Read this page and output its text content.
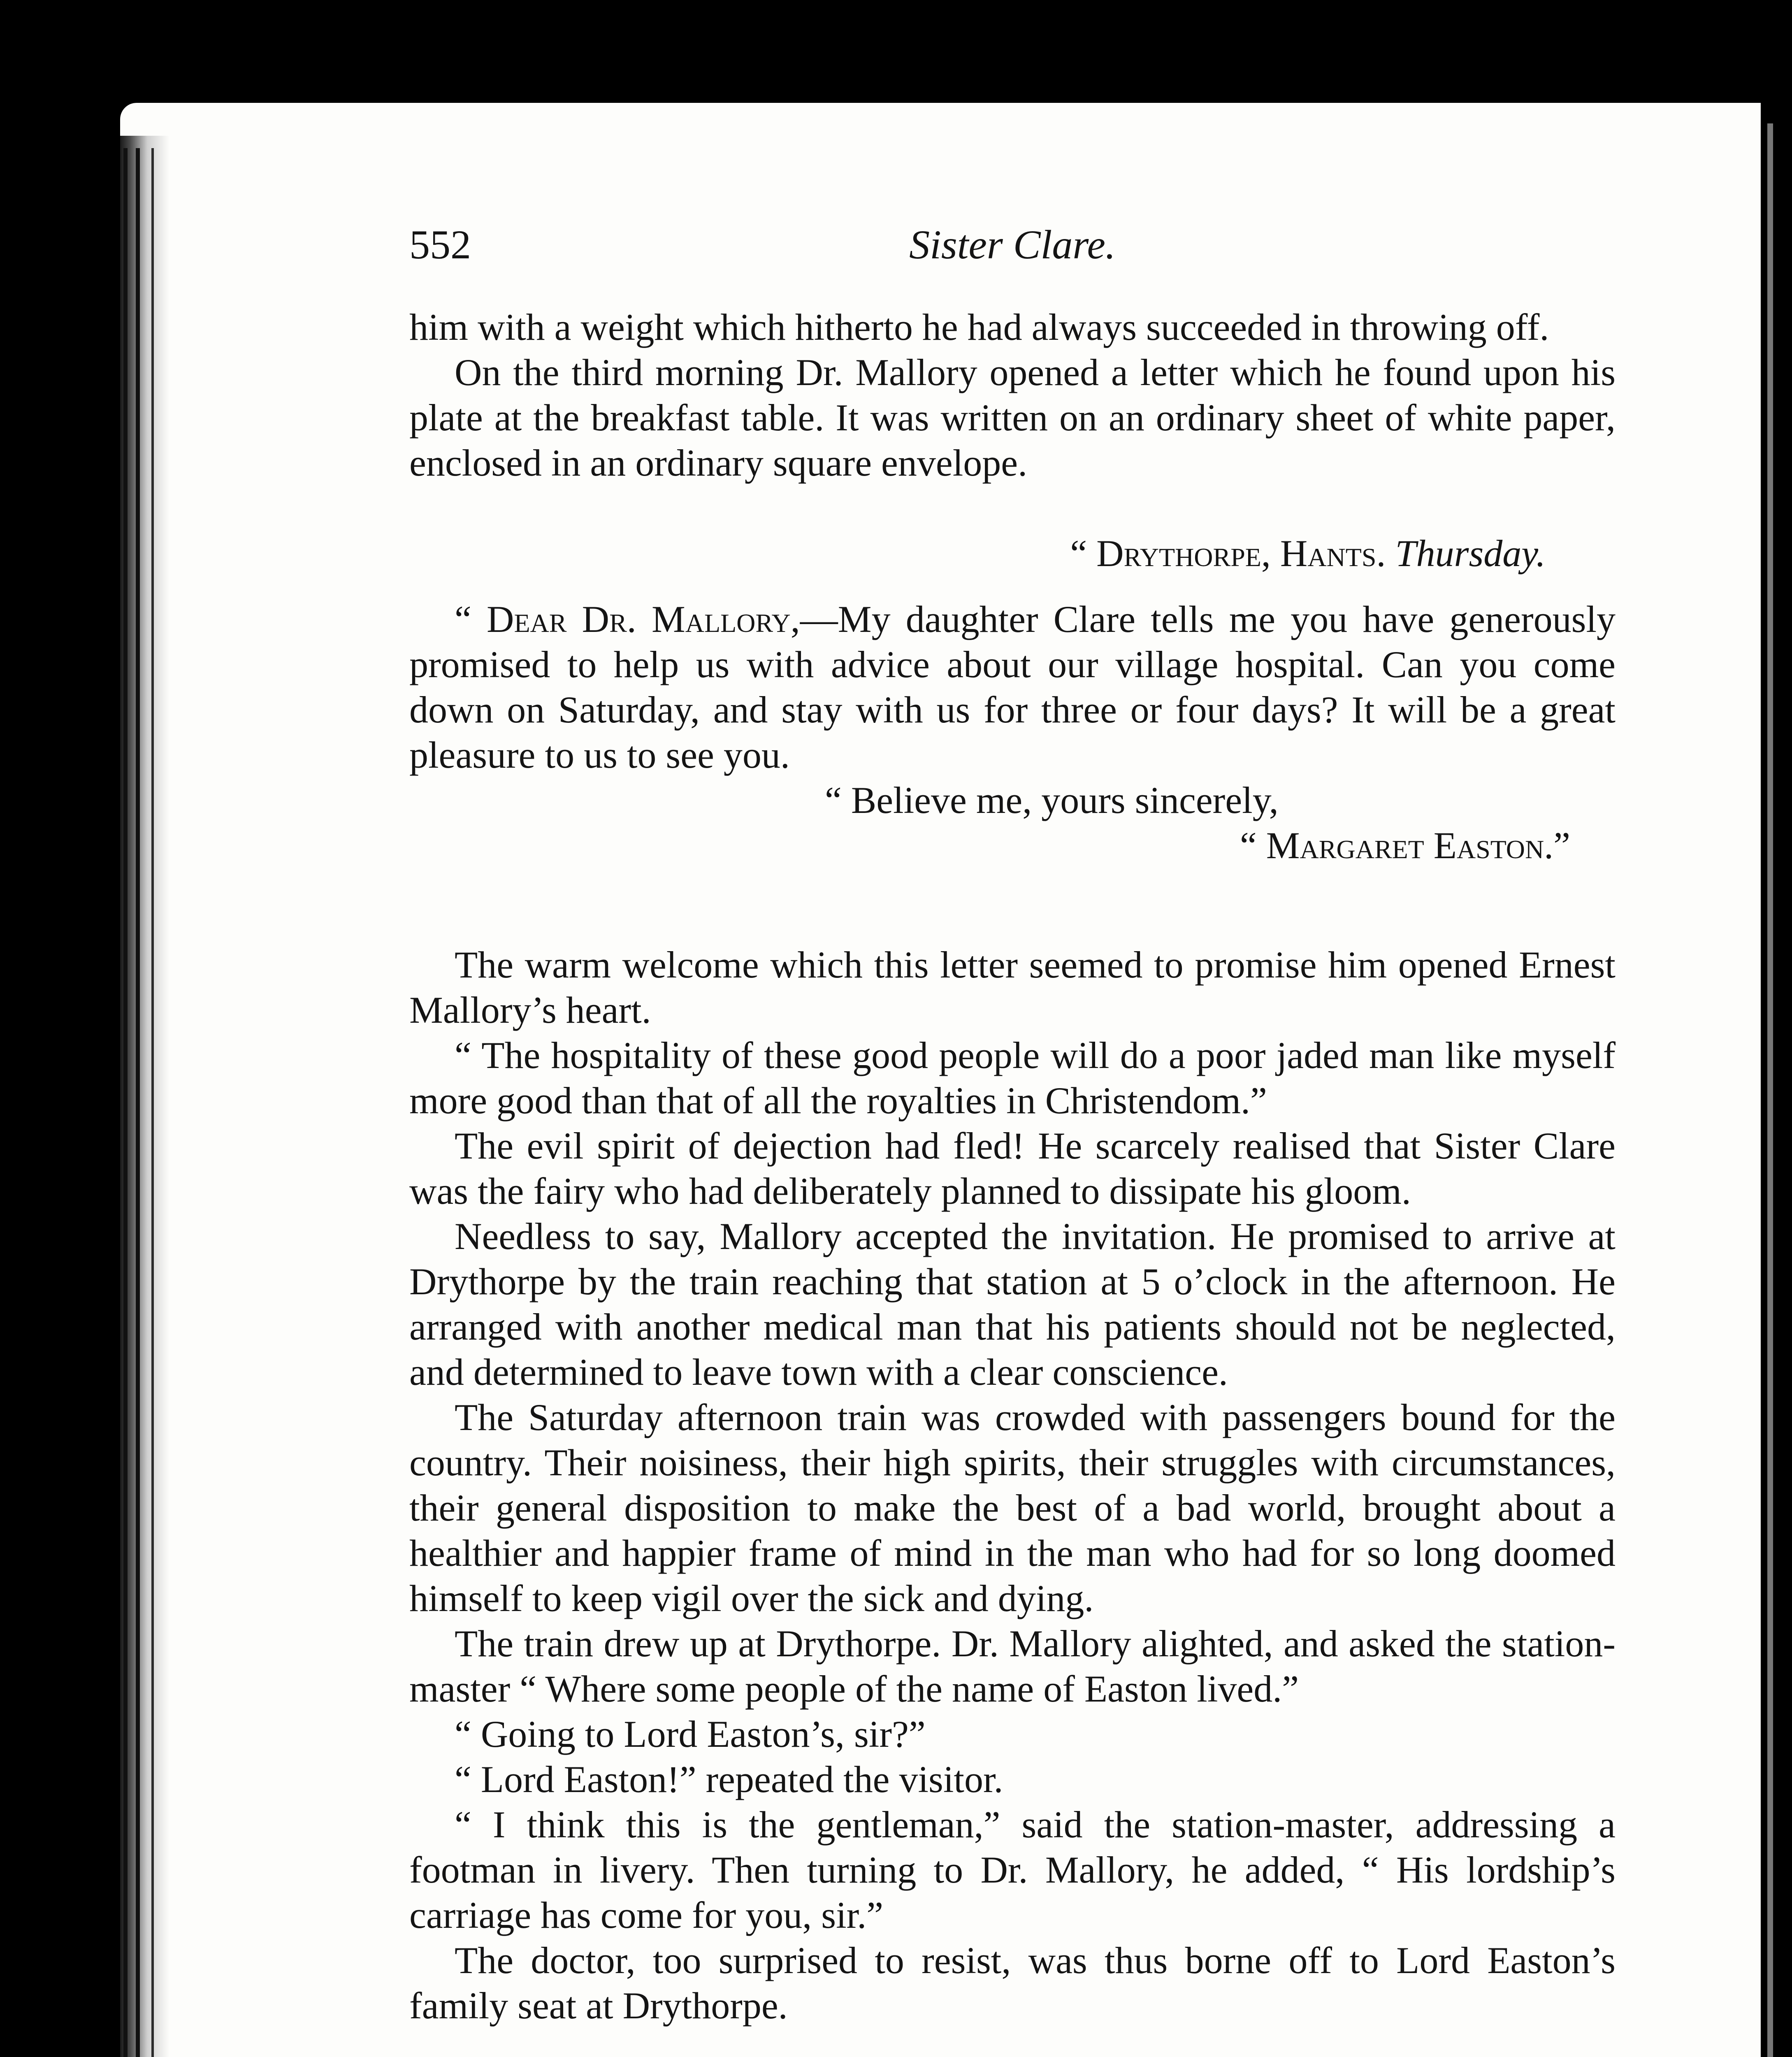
552	Sister Clare.

him with a weight which hitherto he had always succeeded in throwing off.

On the third morning Dr. Mallory opened a letter which he found upon his plate at the breakfast table. It was written on an ordinary sheet of white paper, enclosed in an ordinary square envelope.

“ Drythorpe, Hants. Thursday.

“ Dear Dr. Mallory,—My daughter Clare tells me you have generously promised to help us with advice about our village hospital. Can you come down on Saturday, and stay with us for three or four days? It will be a great pleasure to us to see you.

“ Believe me, yours sincerely,

“ Margaret Easton.”

The warm welcome which this letter seemed to promise him opened Ernest Mallory’s heart.

“ The hospitality of these good people will do a poor jaded man like myself more good than that of all the royalties in Christendom.”

The evil spirit of dejection had fled! He scarcely realised that Sister Clare was the fairy who had deliberately planned to dissipate his gloom.

Needless to say, Mallory accepted the invitation. He promised to arrive at Drythorpe by the train reaching that station at 5 o’clock in the afternoon. He arranged with another medical man that his patients should not be neglected, and determined to leave town with a clear conscience.

The Saturday afternoon train was crowded with passengers bound for the country. Their noisiness, their high spirits, their struggles with circumstances, their general disposition to make the best of a bad world, brought about a healthier and happier frame of mind in the man who had for so long doomed himself to keep vigil over the sick and dying.

The train drew up at Drythorpe. Dr. Mallory alighted, and asked the station-master “ Where some people of the name of Easton lived.”

“ Going to Lord Easton’s, sir?”

“ Lord Easton!” repeated the visitor.

“ I think this is the gentleman,” said the station-master, addressing a footman in livery. Then turning to Dr. Mallory, he added, “ His lordship’s carriage has come for you, sir.”

The doctor, too surprised to resist, was thus borne off to Lord Easton’s family seat at Drythorpe.
